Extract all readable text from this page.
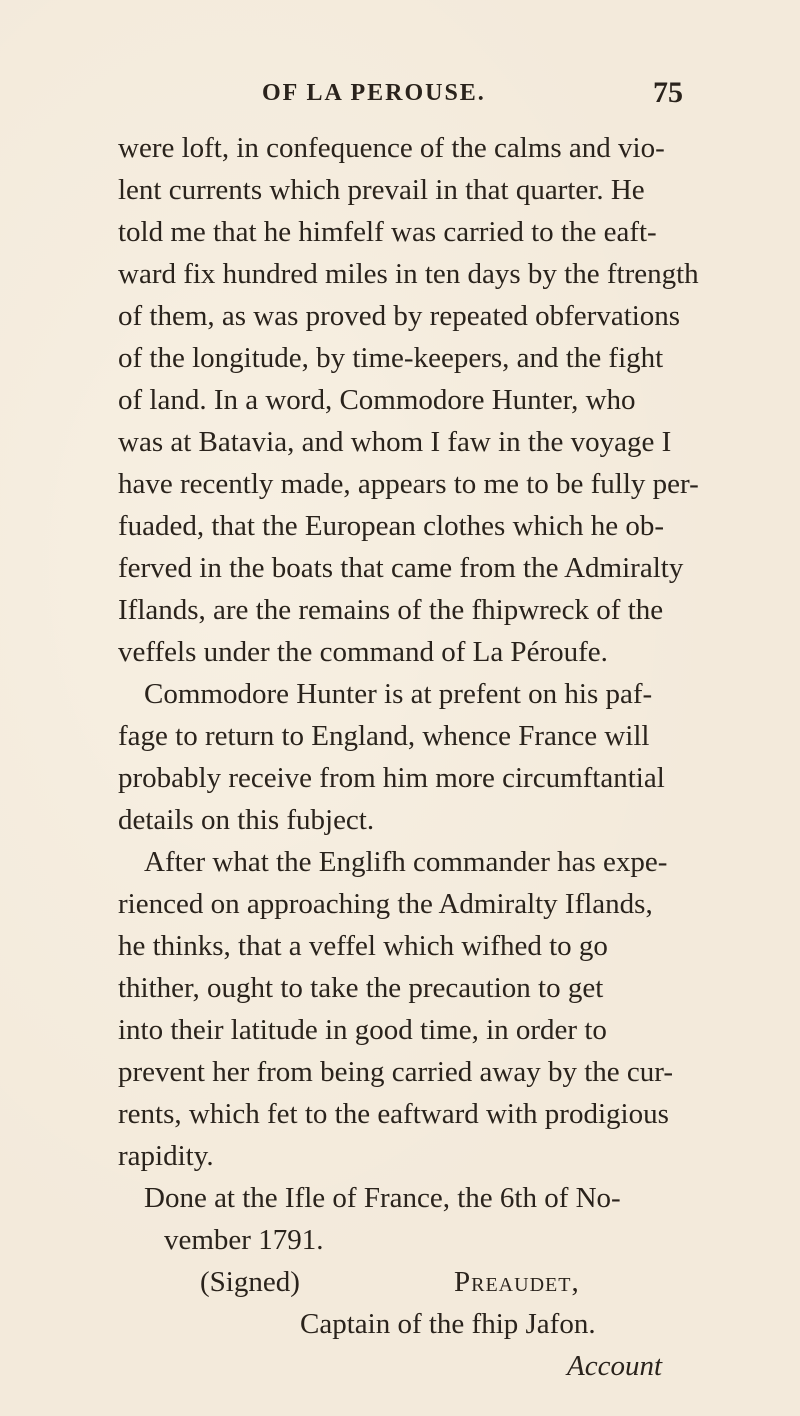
OF LA PEROUSE.	75
were loft, in confequence of the calms and vio-
lent currents which prevail in that quarter. He
told me that he himfelf was carried to the eaft-
ward fix hundred miles in ten days by the ftrength
of them, as was proved by repeated obfervations
of the longitude, by time-keepers, and the fight
of land. In a word, Commodore Hunter, who
was at Batavia, and whom I faw in the voyage I
have recently made, appears to me to be fully per-
fuaded, that the European clothes which he ob-
ferved in the boats that came from the Admiralty
Iflands, are the remains of the fhipwreck of the
veffels under the command of La Péroufe.
Commodore Hunter is at prefent on his paf-
fage to return to England, whence France will
probably receive from him more circumftantial
details on this fubject.
After what the Englifh commander has expe-
rienced on approaching the Admiralty Iflands,
he thinks, that a veffel which wifhed to go
thither, ought to take the precaution to get
into their latitude in good time, in order to
prevent her from being carried away by the cur-
rents, which fet to the eaftward with prodigious
rapidity.
Done at the Ifle of France, the 6th of No-
vember 1791.
(Signed)	Preaudet,
Captain of the fhip Jafon.
Account
